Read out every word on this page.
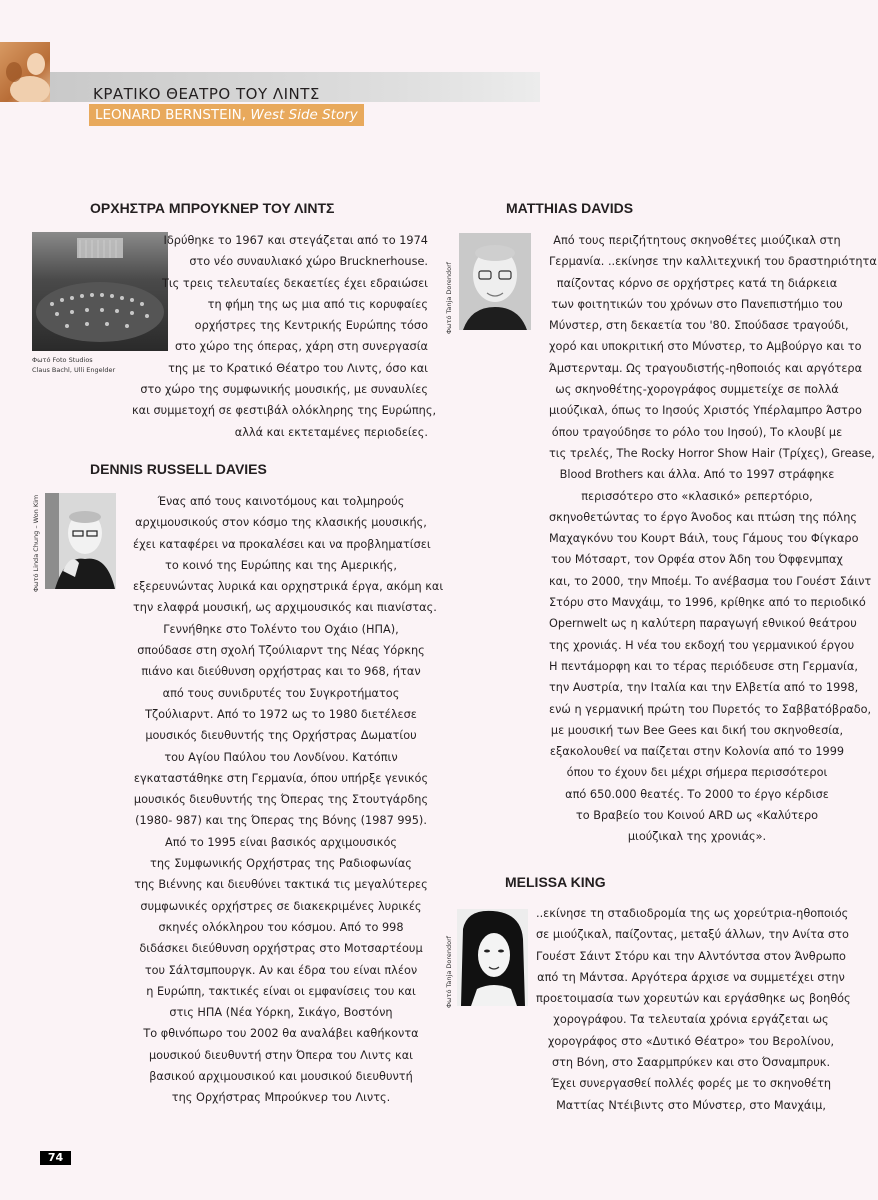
ΚΡΑΤΙΚΟ ΘΕΑΤΡΟ ΤΟΥ ΛΙΝΤΣ
LEONARD BERNSTEIN, West Side Story
ΟΡΧΗΣΤΡΑ ΜΠΡΟΥΚΝΕΡ ΤΟΥ ΛΙΝΤΣ
Φωτό Foto Studios
Claus Bachl, Ulli Engelder
Ιδρύθηκε το 1967 και στεγάζεται από το 1974
στο νέο συναυλιακό χώρο Brucknerhouse.
Τις τρεις τελευταίες δεκαετίες έχει εδραιώσει
τη φήμη της ως μια από τις κορυφαίες
ορχήστρες της Κεντρικής Ευρώπης τόσο
στο χώρο της όπερας, χάρη στη συνεργασία
της με το Κρατικό Θέατρο του Λιντς, όσο και
στο χώρο της συμφωνικής μουσικής, με συναυλίες
και συμμετοχή σε φεστιβάλ ολόκληρης της Ευρώπης,
αλλά και εκτεταμένες περιοδείες.
DENNIS RUSSELL DAVIES
Φωτό Linda Chung – Won Kim	Ένας από τους καινοτόμους και τολμηρούς
αρχιμουσικούς στον κόσμο της κλασικής μουσικής,
έχει καταφέρει να προκαλέσει και να προβληματίσει
το κοινό της Ευρώπης και της Αμερικής,
εξερευνώντας λυρικά και ορχηστρικά έργα, ακόμη και
την ελαφρά μουσική, ως αρχιμουσικός και πιανίστας.
Γεννήθηκε στο Τολέντο του Οχάιο (ΗΠΑ),
σπούδασε στη σχολή Τζούλιαρντ της Νέας Υόρκης
πιάνο και διεύθυνση ορχήστρας και το 968, ήταν
από τους συνιδρυτές του Συγκροτήματος
Τζούλιαρντ. Από το 1972 ως το 1980 διετέλεσε
μουσικός διευθυντής της Ορχήστρας Δωματίου
του Αγίου Παύλου του Λονδίνου. Κατόπιν
εγκαταστάθηκε στη Γερμανία, όπου υπήρξε γενικός
μουσικός διευθυντής της Όπερας της Στουτγάρδης
(1980- 987) και της Όπερας της Βόνης (1987 995).
Από το 1995 είναι βασικός αρχιμουσικός
της Συμφωνικής Ορχήστρας της Ραδιοφωνίας
της Βιέννης και διευθύνει τακτικά τις μεγαλύτερες
συμφωνικές ορχήστρες σε διακεκριμένες λυρικές
σκηνές ολόκληρου του κόσμου. Από το 998
διδάσκει διεύθυνση ορχήστρας στο Μοτσαρτέουμ
του Σάλτσμπουργκ. Αν και έδρα του είναι πλέον
η Ευρώπη, τακτικές είναι οι εμφανίσεις του και
στις ΗΠΑ (Νέα Υόρκη, Σικάγο, Βοστόνη
Το φθινόπωρο του 2002 θα αναλάβει καθήκοντα
μουσικού διευθυντή στην Όπερα του Λιντς και
βασικού αρχιμουσικού και μουσικού διευθυντή
της Ορχήστρας Μπρούκνερ του Λιντς.
MATTHIAS DAVIDS
Φωτό Tanja Dorendorf
Από τους περιζήτητους σκηνοθέτες μιούζικαλ στη
Γερμανία. ..εκίνησε την καλλιτεχνική του δραστηριότητα
παίζοντας κόρνο σε ορχήστρες κατά τη διάρκεια
των φοιτητικών του χρόνων στο Πανεπιστήμιο του
Μύνστερ, στη δεκαετία του '80. Σπούδασε τραγούδι,
χορό και υποκριτική στο Μύνστερ, το Αμβούργο και το
Άμστερνταμ. Ως τραγουδιστής-ηθοποιός και αργότερα
ως σκηνοθέτης-χορογράφος συμμετείχε σε πολλά
μιούζικαλ, όπως το Ιησούς Χριστός Υπέρλαμπρο Άστρο
όπου τραγούδησε το ρόλο του Ιησού), Το κλουβί με
τις τρελές, The Rocky Horror Show Hair (Τρίχες), Grease,
Blood Brothers και άλλα. Από το 1997 στράφηκε
περισσότερο στο «κλασικό» ρεπερτόριο,
σκηνοθετώντας το έργο Άνοδος και πτώση της πόλης
Μαχαγκόνυ του Κουρτ Βάιλ, τους Γάμους του Φίγκαρο
του Μότσαρτ, τον Ορφέα στον Άδη του Όφφενμπαχ
και, το 2000, την Μποέμ. Το ανέβασμα του Γουέστ Σάιντ
Στόρυ στο Μανχάιμ, το 1996, κρίθηκε από το περιοδικό
Opernwelt ως η καλύτερη παραγωγή εθνικού θεάτρου
της χρονιάς. Η νέα του εκδοχή του γερμανικού έργου
Η πεντάμορφη και το τέρας περιόδευσε στη Γερμανία,
την Αυστρία, την Ιταλία και την Ελβετία από το 1998,
ενώ η γερμανική πρώτη του Πυρετός το Σαββατόβραδο,
με μουσική των Bee Gees και δική του σκηνοθεσία,
εξακολουθεί να παίζεται στην Κολονία από το 1999
όπου το έχουν δει μέχρι σήμερα περισσότεροι
από 650.000 θεατές. Το 2000 το έργο κέρδισε
το Βραβείο του Κοινού ARD ως «Καλύτερο
μιούζικαλ της χρονιάς».
MELISSA KING
Φωτό Tanja Dorendorf
..εκίνησε τη σταδιοδρομία της ως χορεύτρια-ηθοποιός
σε μιούζικαλ, παίζοντας, μεταξύ άλλων, την Ανίτα στο
Γουέστ Σάιντ Στόρυ και την Αλντόντσα στον Άνθρωπο
από τη Μάντσα. Αργότερα άρχισε να συμμετέχει στην
προετοιμασία των χορευτών και εργάσθηκε ως βοηθός
χορογράφου. Τα τελευταία χρόνια εργάζεται ως
χορογράφος στο «Δυτικό Θέατρο» του Βερολίνου,
στη Βόνη, στο Σααρμπρύκεν και στο Όσναμπρυκ.
Έχει συνεργασθεί πολλές φορές με το σκηνοθέτη
Ματτίας Ντέιβιντς στο Μύνστερ, στο Μανχάιμ,
74
